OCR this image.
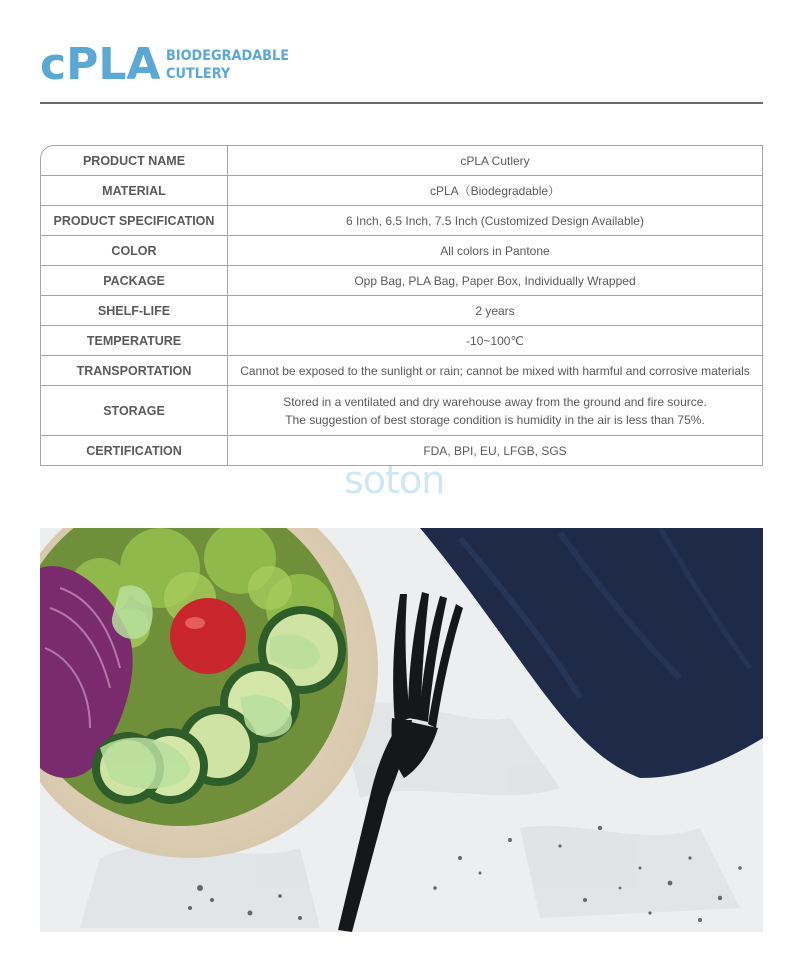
cPLA BIODEGRADABLE
CUTLERY
PRODUCT NAME	cPLA Cutlery
MATERIAL	cPLA（Biodegradable）
PRODUCT SPECIFICATION	6 Inch, 6.5 Inch, 7.5 Inch (Customized Design Available)
COLOR	All colors in Pantone
PACKAGE	Opp Bag, PLA Bag, Paper Box, Individually Wrapped
SHELF-LIFE	2 years
TEMPERATURE	-10~100℃
TRANSPORTATION	Cannot be exposed to the sunlight or rain; cannot be mixed with harmful and corrosive materials
STORAGE
Stored in a ventilated and dry warehouse away from the ground and fire source.
The suggestion of best storage condition is humidity in the air is less than 75%.
CERTIFICATION	FDA, BPI, EU, LFGB, SGS
soton
